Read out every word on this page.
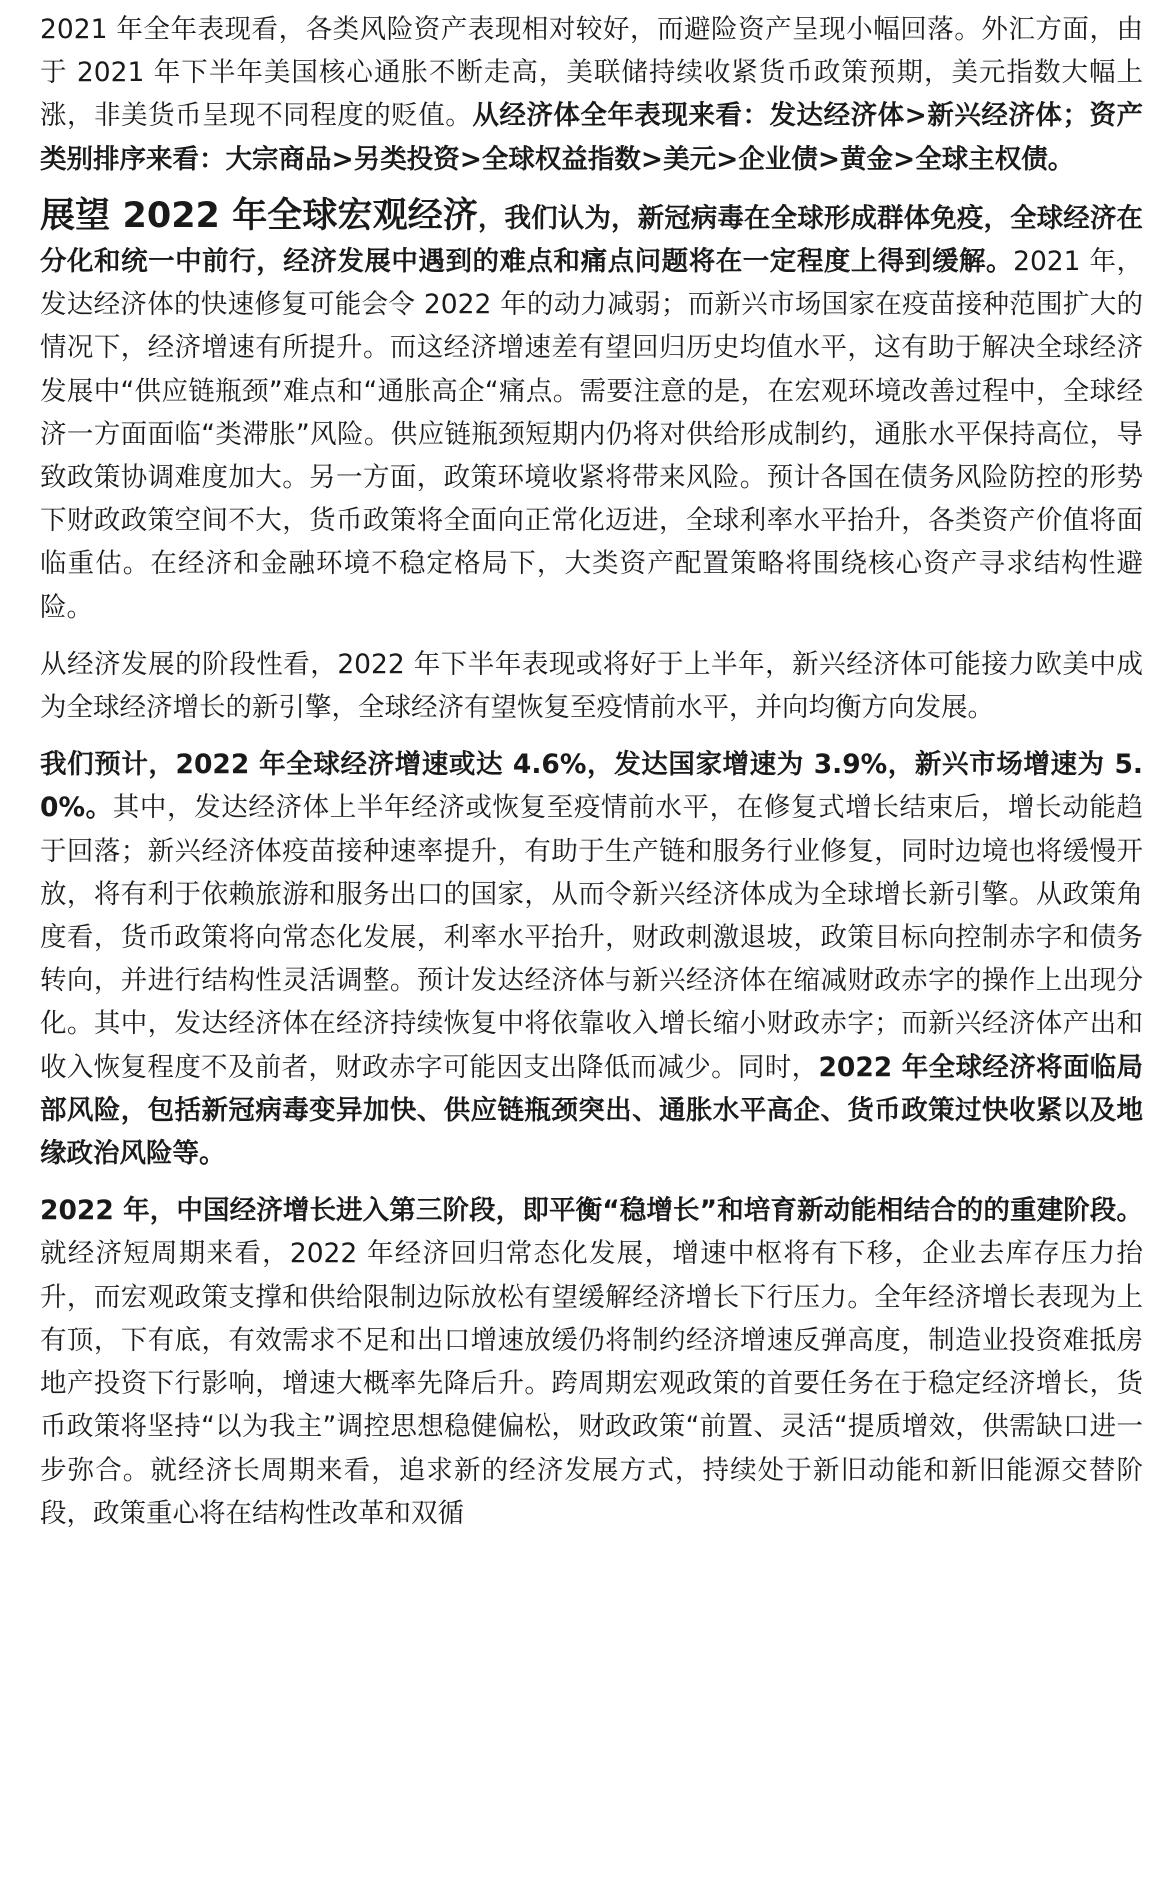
2021 年全年表现看，各类风险资产表现相对较好，而避险资产呈现小幅回落。外汇方面，由于 2021 年下半年美国核心通胀不断走高，美联储持续收紧货币政策预期，美元指数大幅上涨，非美货币呈现不同程度的贬值。从经济体全年表现来看：发达经济体>新兴经济体；资产类别排序来看：大宗商品>另类投资>全球权益指数>美元>企业债>黄金>全球主权债。

展望 2022 年全球宏观经济，我们认为，新冠病毒在全球形成群体免疫，全球经济在分化和统一中前行，经济发展中遇到的难点和痛点问题将在一定程度上得到缓解。2021 年，发达经济体的快速修复可能会令 2022 年的动力减弱；而新兴市场国家在疫苗接种范围扩大的情况下，经济增速有所提升。而这经济增速差有望回归历史均值水平，这有助于解决全球经济发展中“供应链瓶颈”难点和“通胀高企“痛点。需要注意的是，在宏观环境改善过程中，全球经济一方面面临“类滞胀”风险。供应链瓶颈短期内仍将对供给形成制约，通胀水平保持高位，导致政策协调难度加大。另一方面，政策环境收紧将带来风险。预计各国在债务风险防控的形势下财政政策空间不大，货币政策将全面向正常化迈进，全球利率水平抬升，各类资产价值将面临重估。在经济和金融环境不稳定格局下，大类资产配置策略将围绕核心资产寻求结构性避险。

从经济发展的阶段性看，2022 年下半年表现或将好于上半年，新兴经济体可能接力欧美中成为全球经济增长的新引擎，全球经济有望恢复至疫情前水平，并向均衡方向发展。

我们预计，2022 年全球经济增速或达 4.6%，发达国家增速为 3.9%，新兴市场增速为 5.0%。其中，发达经济体上半年经济或恢复至疫情前水平，在修复式增长结束后，增长动能趋于回落；新兴经济体疫苗接种速率提升，有助于生产链和服务行业修复，同时边境也将缓慢开放，将有利于依赖旅游和服务出口的国家，从而令新兴经济体成为全球增长新引擎。从政策角度看，货币政策将向常态化发展，利率水平抬升，财政刺激退坡，政策目标向控制赤字和债务转向，并进行结构性灵活调整。预计发达经济体与新兴经济体在缩减财政赤字的操作上出现分化。其中，发达经济体在经济持续恢复中将依靠收入增长缩小财政赤字；而新兴经济体产出和收入恢复程度不及前者，财政赤字可能因支出降低而减少。同时，2022 年全球经济将面临局部风险，包括新冠病毒变异加快、供应链瓶颈突出、通胀水平高企、货币政策过快收紧以及地缘政治风险等。

2022 年，中国经济增长进入第三阶段，即平衡“稳增长”和培育新动能相结合的的重建阶段。就经济短周期来看，2022 年经济回归常态化发展，增速中枢将有下移，企业去库存压力抬升，而宏观政策支撑和供给限制边际放松有望缓解经济增长下行压力。全年经济增长表现为上有顶，下有底，有效需求不足和出口增速放缓仍将制约经济增速反弹高度，制造业投资难抵房地产投资下行影响，增速大概率先降后升。跨周期宏观政策的首要任务在于稳定经济增长，货币政策将坚持“以为我主”调控思想稳健偏松，财政政策“前置、灵活“提质增效，供需缺口进一步弥合。就经济长周期来看，追求新的经济发展方式，持续处于新旧动能和新旧能源交替阶段，政策重心将在结构性改革和双循
